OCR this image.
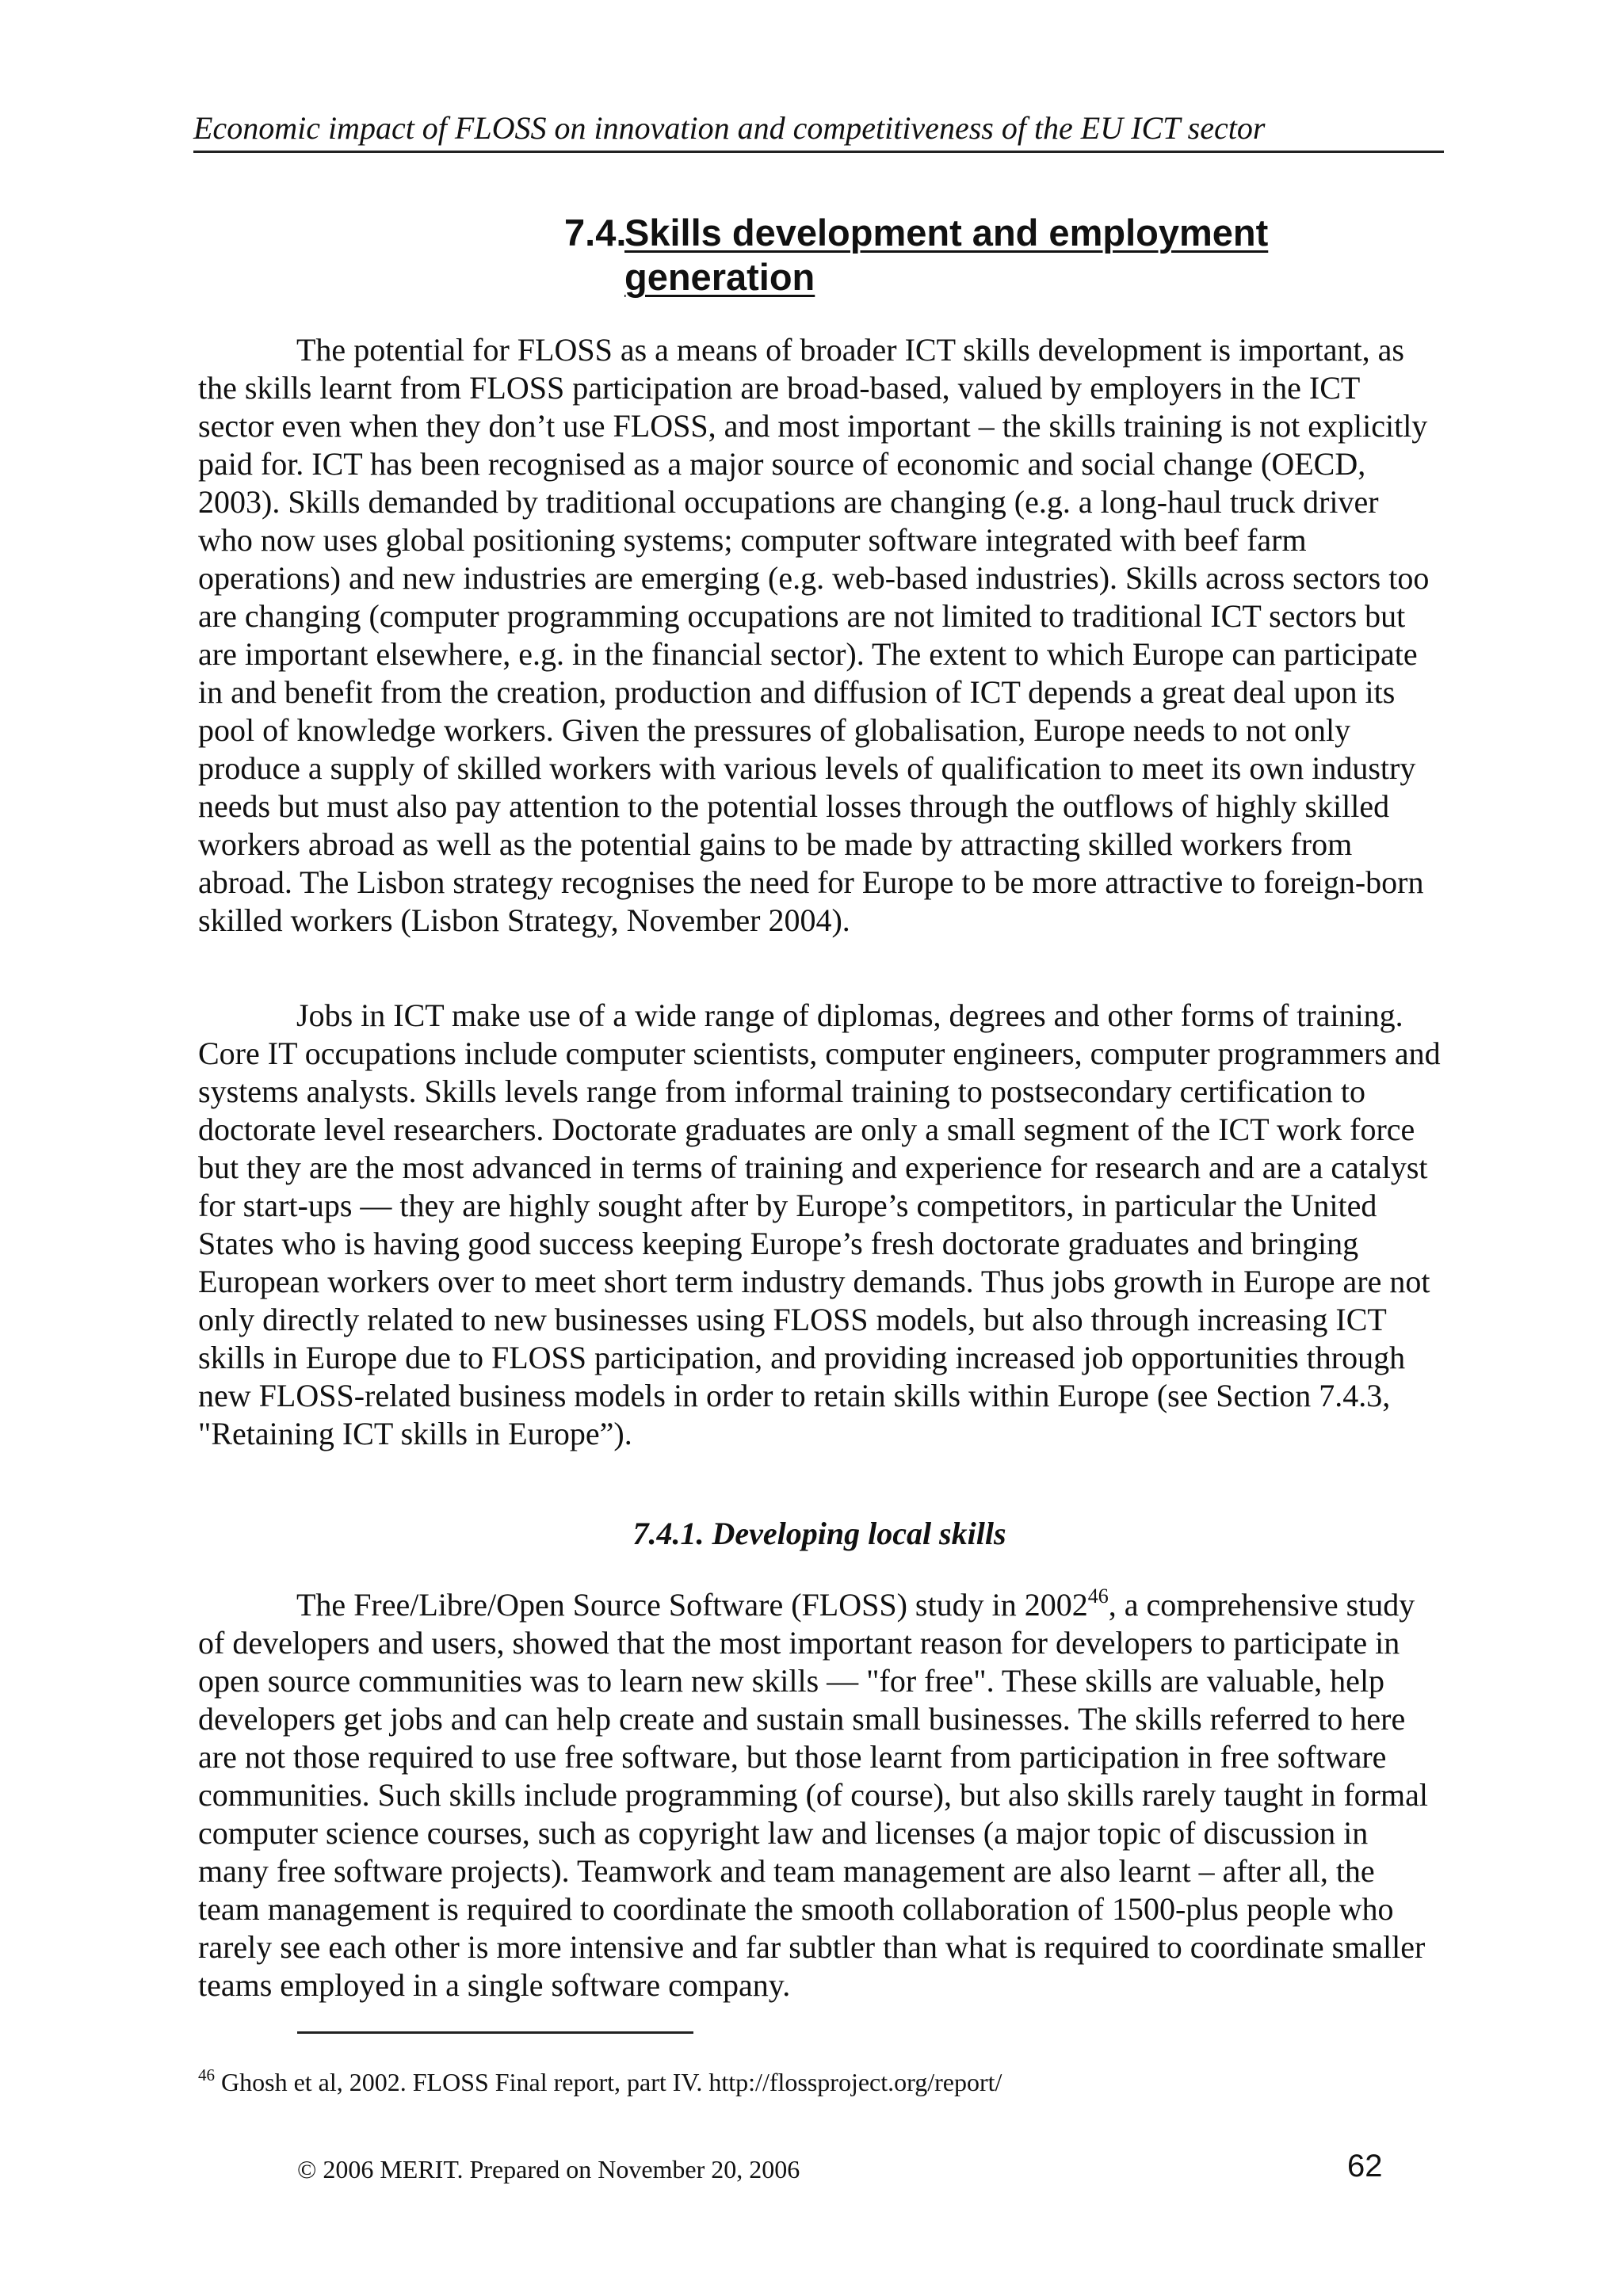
Economic impact of FLOSS on innovation and competitiveness of the EU ICT sector
7.4.Skills development and employment
generation

The potential for FLOSS as a means of broader ICT skills development is important, as the skills learnt from FLOSS participation are broad-based, valued by employers in the ICT sector even when they don’t use FLOSS, and most important – the skills training is not explicitly paid for. ICT has been recognised as a major source of economic and social change (OECD, 2003). Skills demanded by traditional occupations are changing (e.g. a long-haul truck driver who now uses global positioning systems; computer software integrated with beef farm operations) and new industries are emerging (e.g. web-based industries). Skills across sectors too are changing (computer programming occupations are not limited to traditional ICT sectors but are important elsewhere, e.g. in the financial sector). The extent to which Europe can participate in and benefit from the creation, production and diffusion of ICT depends a great deal upon its pool of knowledge workers. Given the pressures of globalisation, Europe needs to not only produce a supply of skilled workers with various levels of qualification to meet its own industry needs but must also pay attention to the potential losses through the outflows of highly skilled workers abroad as well as the potential gains to be made by attracting skilled workers from abroad. The Lisbon strategy recognises the need for Europe to be more attractive to foreign-born skilled workers (Lisbon Strategy, November 2004).

Jobs in ICT make use of a wide range of diplomas, degrees and other forms of training. Core IT occupations include computer scientists, computer engineers, computer programmers and systems analysts. Skills levels range from informal training to postsecondary certification to doctorate level researchers. Doctorate graduates are only a small segment of the ICT work force but they are the most advanced in terms of training and experience for research and are a catalyst for start-ups — they are highly sought after by Europe’s competitors, in particular the United States who is having good success keeping Europe’s fresh doctorate graduates and bringing European workers over to meet short term industry demands. Thus jobs growth in Europe are not only directly related to new businesses using FLOSS models, but also through increasing ICT skills in Europe due to FLOSS participation, and providing increased job opportunities through new FLOSS-related business models in order to retain skills within Europe (see Section 7.4.3, "Retaining ICT skills in Europe”).

7.4.1. Developing local skills

The Free/Libre/Open Source Software (FLOSS) study in 2002$^{46}$, a comprehensive study of developers and users, showed that the most important reason for developers to participate in open source communities was to learn new skills — "for free". These skills are valuable, help developers get jobs and can help create and sustain small businesses. The skills referred to here are not those required to use free software, but those learnt from participation in free software communities. Such skills include programming (of course), but also skills rarely taught in formal computer science courses, such as copyright law and licenses (a major topic of discussion in many free software projects). Teamwork and team management are also learnt – after all, the team management is required to coordinate the smooth collaboration of 1500-plus people who rarely see each other is more intensive and far subtler than what is required to coordinate smaller teams employed in a single software company.

$^{46}$ Ghosh et al, 2002. FLOSS Final report, part IV. http://flossproject.org/report/
© 2006 MERIT. Prepared on November 20, 2006	62
